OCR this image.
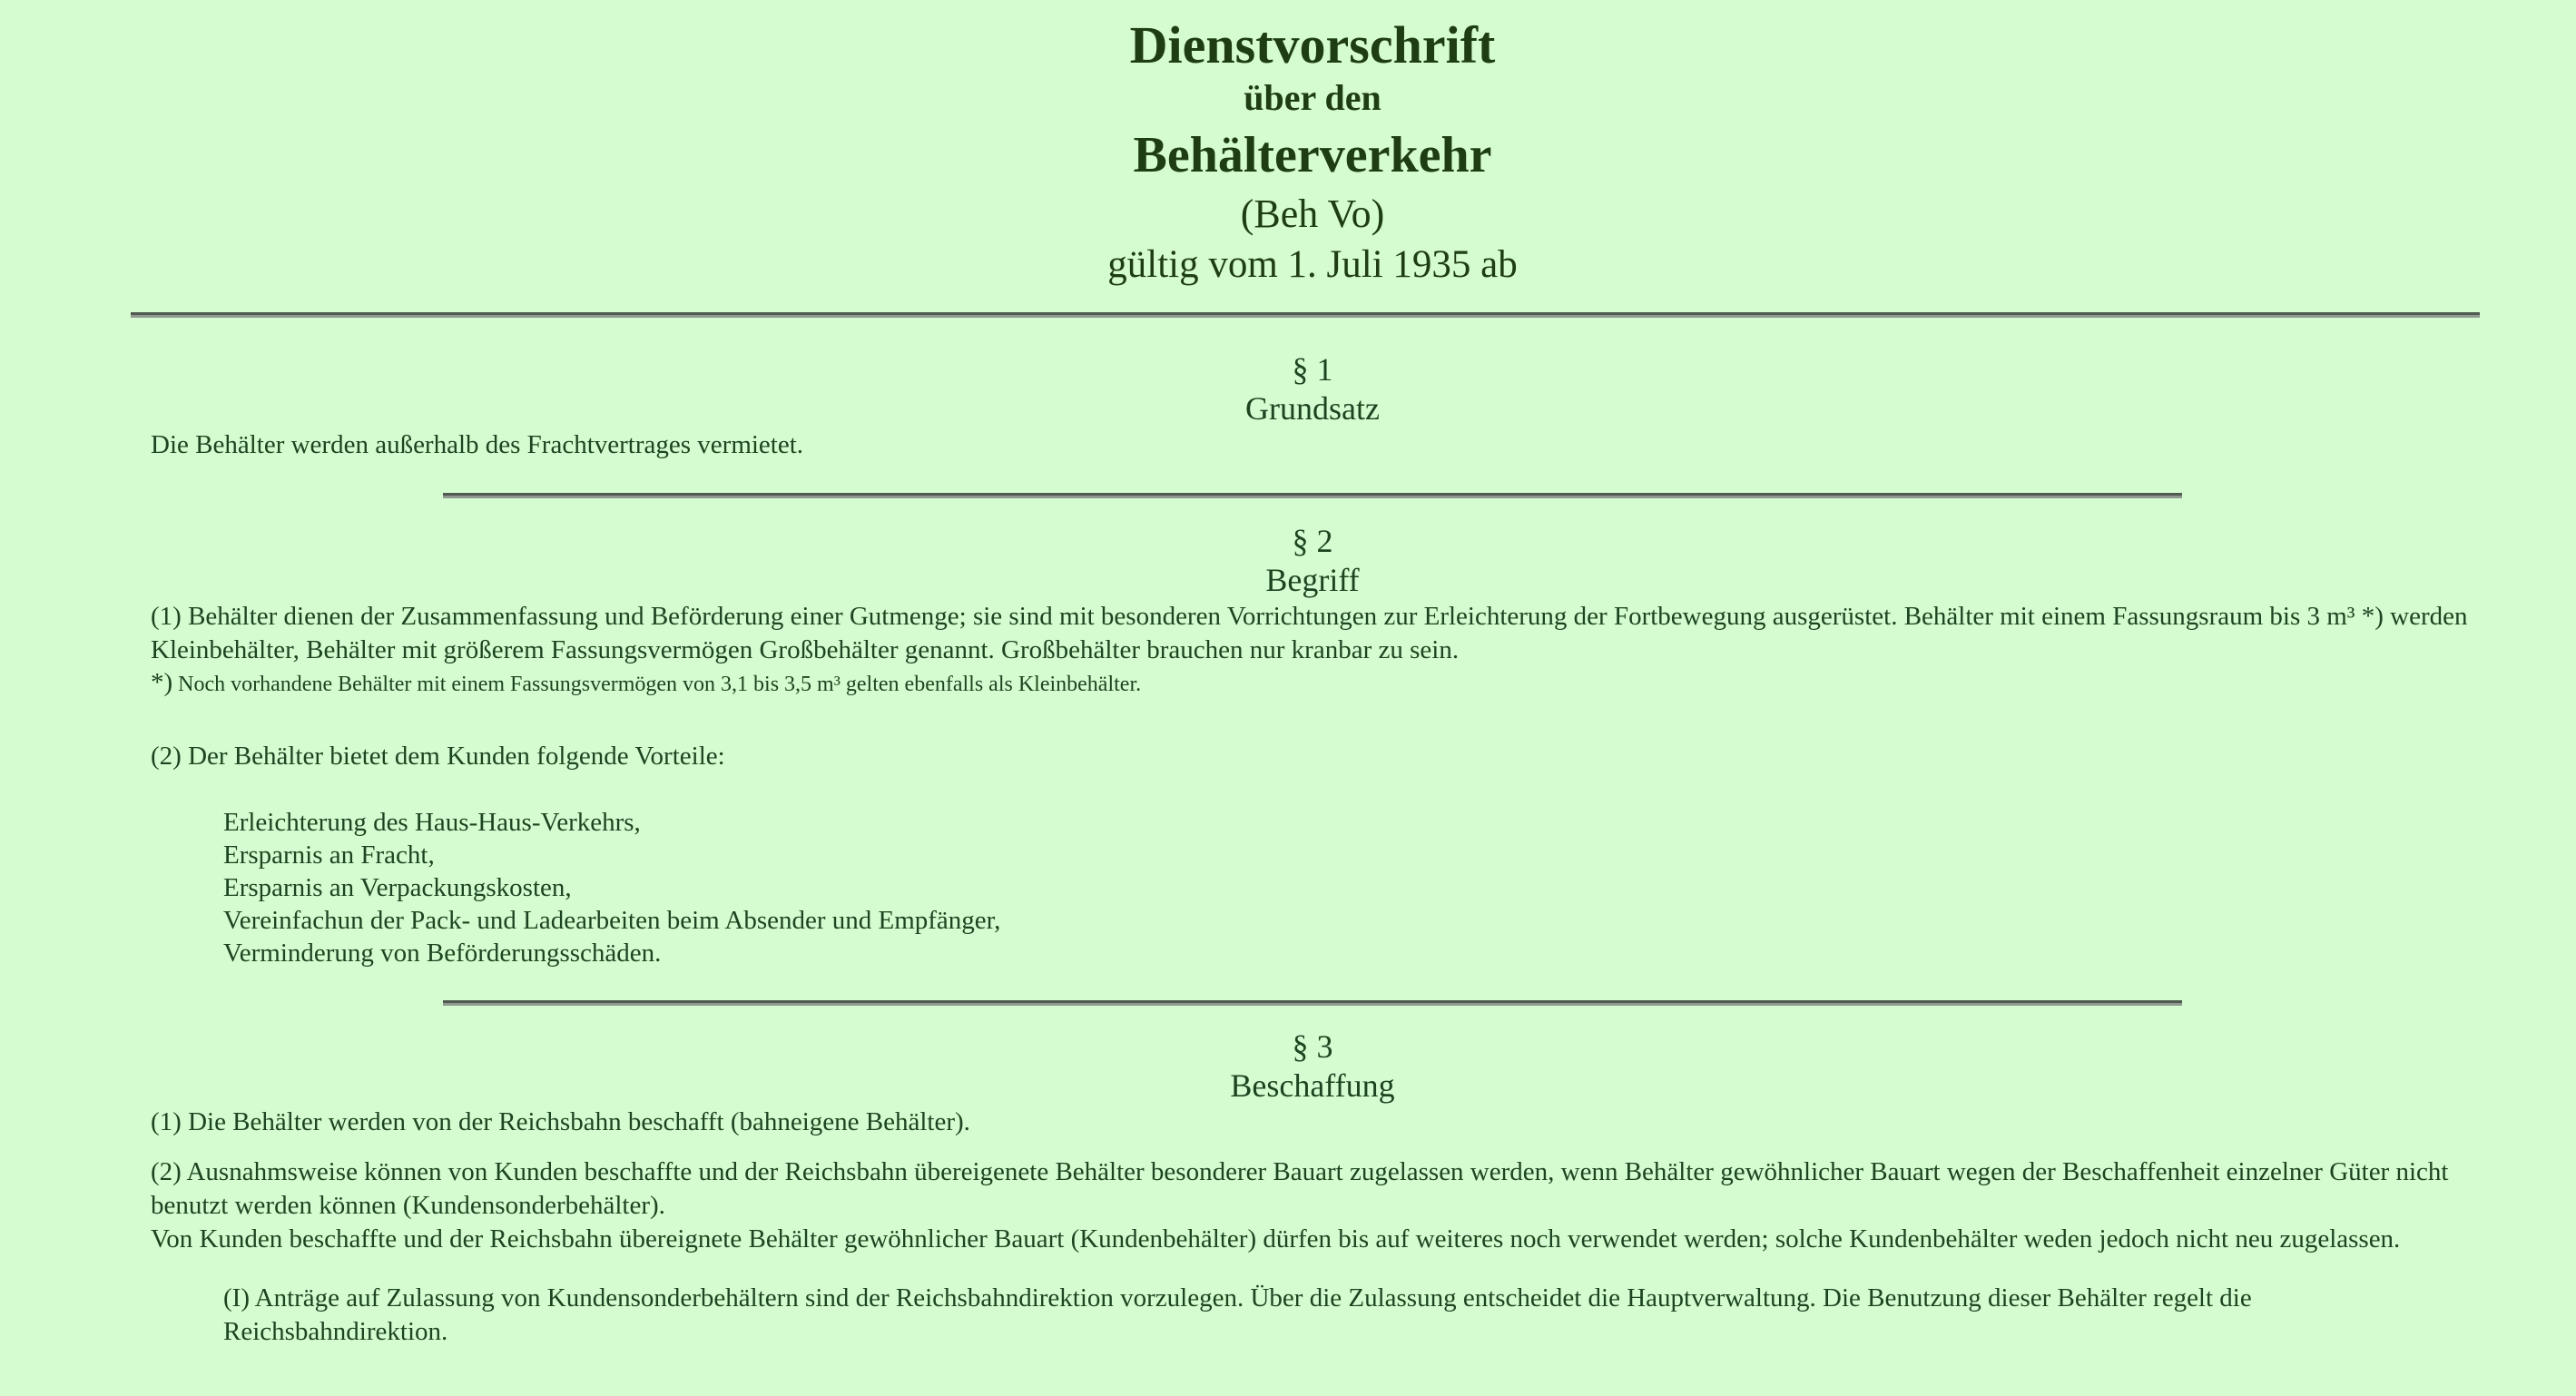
Dienstvorschrift
über den
Behälterverkehr
(Beh Vo)
gültig vom 1. Juli 1935 ab
§ 1
Grundsatz

Die Behälter werden außerhalb des Frachtvertrages vermietet.

§ 2
Begriff

(1) Behälter dienen der Zusammenfassung und Beförderung einer Gutmenge; sie sind mit besonderen Vorrichtungen zur Erleichterung der Fortbewegung ausgerüstet. Behälter mit einem Fassungsraum bis 3 m³ *) werden Kleinbehälter, Behälter mit größerem Fassungsvermögen Großbehälter genannt. Großbehälter brauchen nur kranbar zu sein.

*) Noch vorhandene Behälter mit einem Fassungsvermögen von 3,1 bis 3,5 m³ gelten ebenfalls als Kleinbehälter.

(2) Der Behälter bietet dem Kunden folgende Vorteile:

Erleichterung des Haus-Haus-Verkehrs,
Ersparnis an Fracht,
Ersparnis an Verpackungskosten,
Vereinfachun der Pack- und Ladearbeiten beim Absender und Empfänger,
Verminderung von Beförderungsschäden.
§ 3
Beschaffung

(1) Die Behälter werden von der Reichsbahn beschafft (bahneigene Behälter).

(2) Ausnahmsweise können von Kunden beschaffte und der Reichsbahn übereigenete Behälter besonderer Bauart zugelassen werden, wenn Behälter gewöhnlicher Bauart wegen der Beschaffenheit einzelner Güter nicht benutzt werden können (Kundensonderbehälter).
Von Kunden beschaffte und der Reichsbahn übereignete Behälter gewöhnlicher Bauart (Kundenbehälter) dürfen bis auf weiteres noch verwendet werden; solche Kundenbehälter weden jedoch nicht neu zugelassen.

(I) Anträge auf Zulassung von Kundensonderbehältern sind der Reichsbahndirektion vorzulegen. Über die Zulassung entscheidet die Hauptverwaltung. Die Benutzung dieser Behälter regelt die Reichsbahndirektion.
